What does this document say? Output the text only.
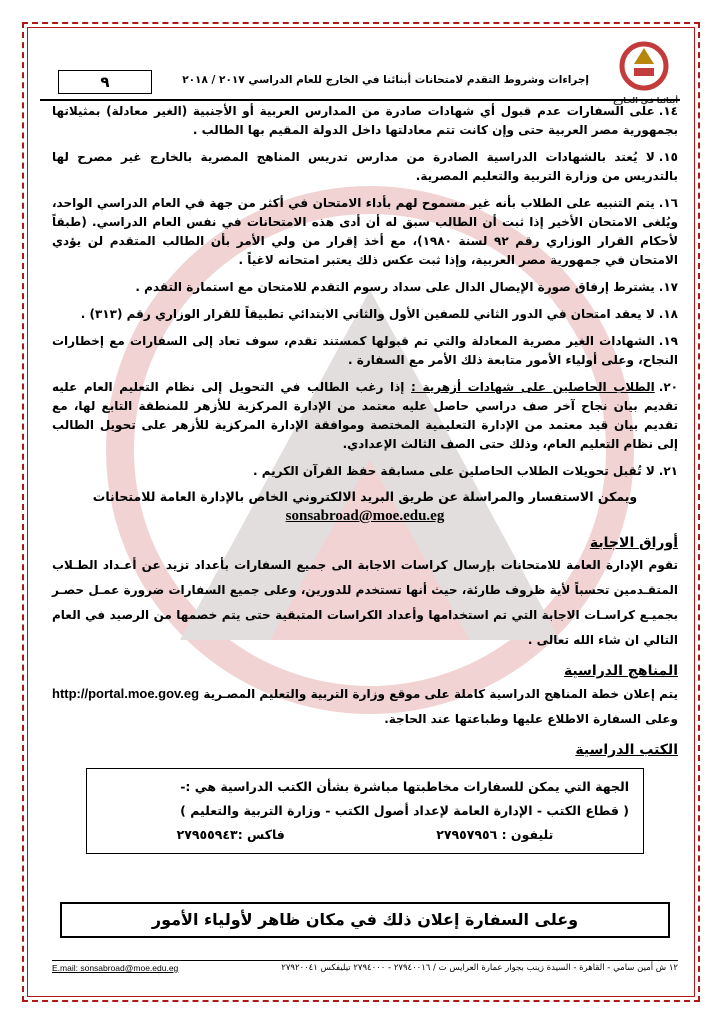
٩	إجراءات وشروط التقدم لامتحانات أبنائنا في الخارج للعام الدراسي ٢٠١٧ / ٢٠١٨
أبنائنا في الخارج
١٤.على السفارات عدم قبول أي شهادات صادرة من المدارس العربية أو الأجنبية (الغير معادلة) بمثيلاتها بجمهورية مصر العربية حتى وإن كانت تتم معادلتها داخل الدولة المقيم بها الطالب .
١٥.لا يُعتد بالشهادات الدراسية الصادرة من مدارس تدريس المناهج المصرية بالخارج غير مصرح لها بالتدريس من وزارة التربية والتعليم المصرية.
١٦.يتم التنبيه على الطلاب بأنه غير مسموح لهم بأداء الامتحان في أكثر من جهة في العام الدراسي الواحد، ويُلغى الامتحان الأخير إذا ثبت أن الطالب سبق له أن أدى هذه الامتحانات في نفس العام الدراسي. (طبقاً لأحكام القرار الوزاري رقم ٩٢ لسنة ١٩٨٠)، مع أخذ إقرار من ولي الأمر بأن الطالب المتقدم لن يؤدي الامتحان في جمهورية مصر العربية، وإذا ثبت عكس ذلك يعتبر امتحانه لاغياً .
١٧.يشترط إرفاق صورة الإيصال الدال على سداد رسوم التقدم للامتحان مع استمارة التقدم .
١٨.لا يعقد امتحان في الدور الثاني للصفين الأول والثاني الابتدائي تطبيقاً للقرار الوزاري رقم (٣١٣) .
١٩.الشهادات الغير مصرية المعادلة والتي تم قبولها كمستند تقدم، سوف تعاد إلى السفارات مع إخطارات النجاح، وعلى أولياء الأمور متابعة ذلك الأمر مع السفارة .
٢٠.الطلاب الحاصلين على شهادات أزهرية : إذا رغب الطالب في التحويل إلى نظام التعليم العام عليه تقديم بيان نجاح آخر صف دراسي حاصل عليه معتمد من الإدارة المركزية للأزهر للمنطقة التابع لها، مع تقديم بيان قيد معتمد من الإدارة التعليمية المختصة وموافقة الإدارة المركزية للأزهر على تحويل الطالب إلى نظام التعليم العام، وذلك حتى الصف الثالث الإعدادي.
٢١.لا تُقبل تحويلات الطلاب الحاصلين على مسابقة حفظ القرآن الكريم .
ويمكن الاستفسار والمراسلة عن طريق البريد الالكتروني الخاص بالإدارة العامة للامتحانات
sonsabroad@moe.edu.eg
أوراق الاجابة
تقوم الإدارة العامة للامتحانات بإرسال كراسات الاجابة الى جميع السفارات بأعداد تزيد عن أعـداد الطـلاب المتقـدمين تحسباً لأية ظروف طارئة، حيث أنها تستخدم للدورين، وعلى جميع السفارات ضرورة عمـل حصـر بجميـع كراسـات الاجابة التي تم استخدامها وأعداد الكراسات المتبقية حتى يتم خصمها من الرصيد في العام التالي ان شاء الله تعالى .
المناهج الدراسية
يتم إعلان خطة المناهج الدراسية كاملة على موقع وزارة التربية والتعليم المصـرية http://portal.moe.gov.eg وعلى السفارة الاطلاع عليها وطباعتها عند الحاجة.
الكتب الدراسية
الجهة التي يمكن للسفارات مخاطبتها مباشرة بشأن الكتب الدراسية هي :-
( قطاع الكتب - الإدارة العامة لإعداد أصول الكتب - وزارة التربية والتعليم )
تليفون : ٢٧٩٥٧٩٥٦
فاكس :٢٧٩٥٥٩٤٣
وعلى السفارة إعلان ذلك في مكان ظاهر لأولياء الأمور
E.mail: sonsabroad@moe.edu.eg	١٢ ش أمين سامي - القاهرة - السيدة زينب بجوار عمارة العرايس ت / ٢٧٩٤٠٠١٦ - ٢٧٩٤٠٠٠ تيليفكس ٢٧٩٢٠٠٤١
